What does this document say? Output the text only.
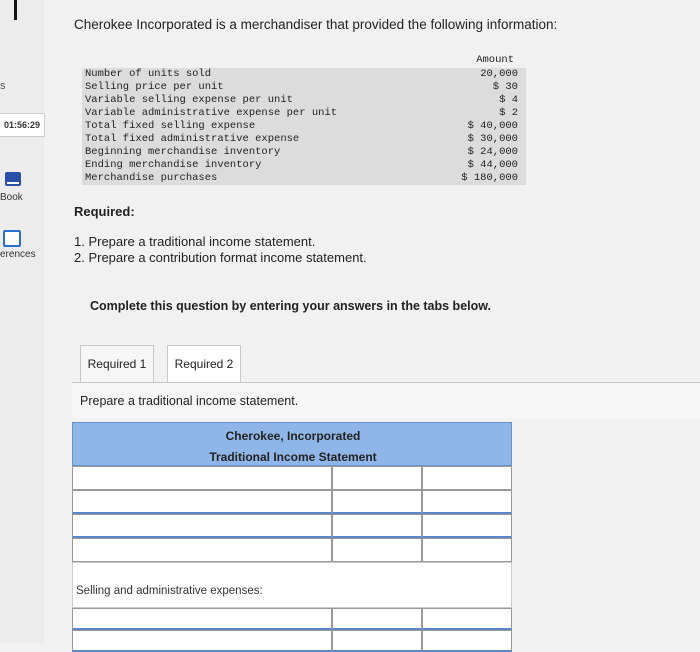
s
01:56:29
Book
erences
Cherokee Incorporated is a merchandiser that provided the following information:
Amount
Number of units sold	20,000
Selling price per unit	$ 30
Variable selling expense per unit	$ 4
Variable administrative expense per unit	$ 2
Total fixed selling expense	$ 40,000
Total fixed administrative expense	$ 30,000
Beginning merchandise inventory	$ 24,000
Ending merchandise inventory	$ 44,000
Merchandise purchases	$ 180,000
Required:
1. Prepare a traditional income statement.
2. Prepare a contribution format income statement.
Complete this question by entering your answers in the tabs below.
Required 1	Required 2
Prepare a traditional income statement.
Cherokee, Incorporated
Traditional Income Statement
Selling and administrative expenses:
